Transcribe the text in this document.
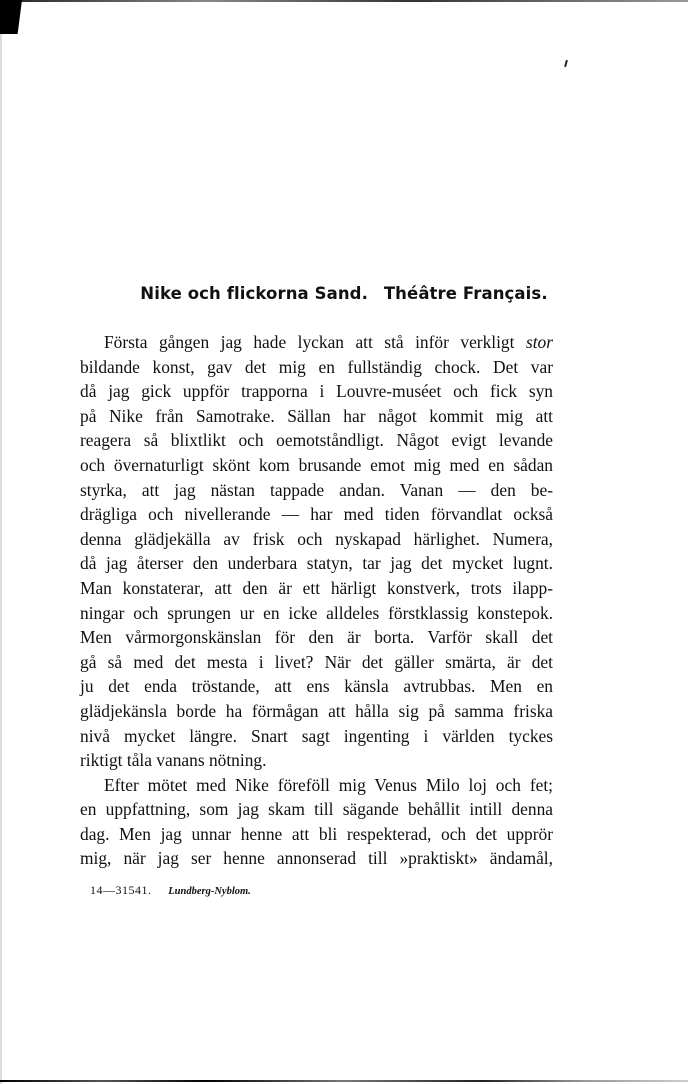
Nike och flickorna Sand. Théâtre Français.
Första gången jag hade lyckan att stå inför verkligt stor
bildande konst, gav det mig en fullständig chock. Det var
då jag gick uppför trapporna i Louvre-muséet och fick syn
på Nike från Samotrake. Sällan har något kommit mig att
reagera så blixtlikt och oemotståndligt. Något evigt levande
och övernaturligt skönt kom brusande emot mig med en sådan
styrka, att jag nästan tappade andan. Vanan — den be-
drägliga och nivellerande — har med tiden förvandlat också
denna glädjekälla av frisk och nyskapad härlighet. Numera,
då jag återser den underbara statyn, tar jag det mycket lugnt.
Man konstaterar, att den är ett härligt konstverk, trots ilapp-
ningar och sprungen ur en icke alldeles förstklassig konstepok.
Men vårmorgonskänslan för den är borta. Varför skall det
gå så med det mesta i livet? När det gäller smärta, är det
ju det enda tröstande, att ens känsla avtrubbas. Men en
glädjekänsla borde ha förmågan att hålla sig på samma friska
nivå mycket längre. Snart sagt ingenting i världen tyckes
riktigt tåla vanans nötning.
Efter mötet med Nike föreföll mig Venus Milo loj och fet;
en uppfattning, som jag skam till sägande behållit intill denna
dag. Men jag unnar henne att bli respekterad, och det upprör
mig, när jag ser henne annonserad till »praktiskt» ändamål,
14—31541. Lundberg-Nyblom.
